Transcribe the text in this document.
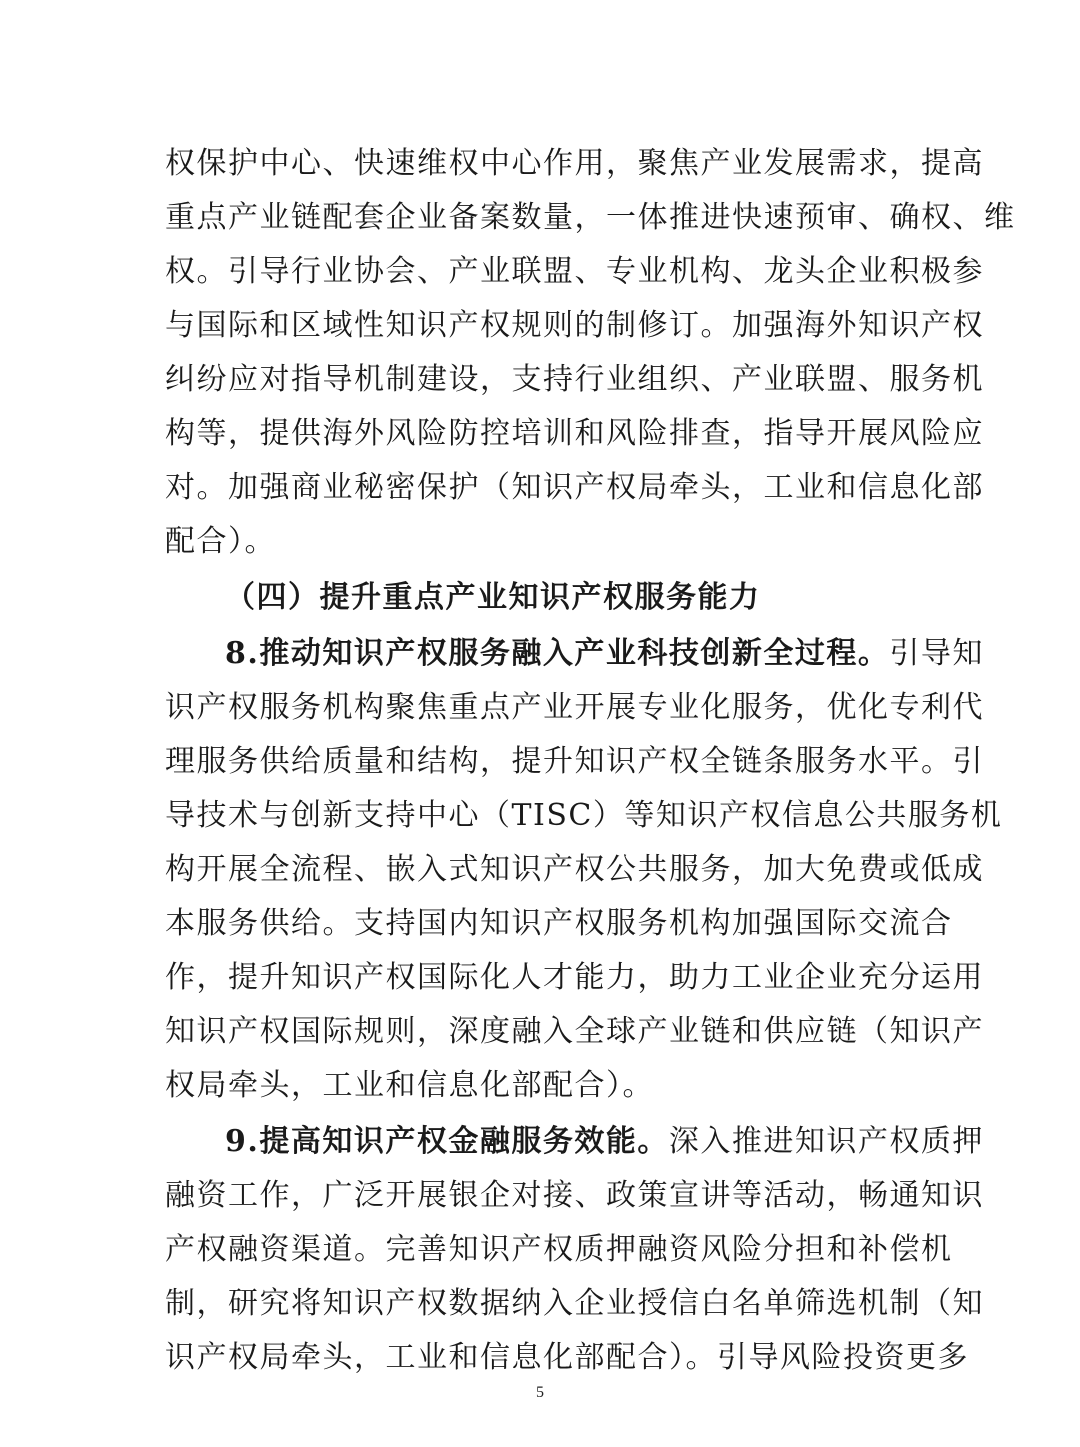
权保护中心、快速维权中心作用，聚焦产业发展需求，提高
重点产业链配套企业备案数量，一体推进快速预审、确权、维
权。引导行业协会、产业联盟、专业机构、龙头企业积极参
与国际和区域性知识产权规则的制修订。加强海外知识产权
纠纷应对指导机制建设，支持行业组织、产业联盟、服务机
构等，提供海外风险防控培训和风险排查，指导开展风险应
对。加强商业秘密保护（知识产权局牵头，工业和信息化部
配合）。
（四）提升重点产业知识产权服务能力
8.推动知识产权服务融入产业科技创新全过程。引导知
识产权服务机构聚焦重点产业开展专业化服务，优化专利代
理服务供给质量和结构，提升知识产权全链条服务水平。引
导技术与创新支持中心（TISC）等知识产权信息公共服务机
构开展全流程、嵌入式知识产权公共服务，加大免费或低成
本服务供给。支持国内知识产权服务机构加强国际交流合
作，提升知识产权国际化人才能力，助力工业企业充分运用
知识产权国际规则，深度融入全球产业链和供应链（知识产
权局牵头，工业和信息化部配合）。
9.提高知识产权金融服务效能。深入推进知识产权质押
融资工作，广泛开展银企对接、政策宣讲等活动，畅通知识
产权融资渠道。完善知识产权质押融资风险分担和补偿机
制，研究将知识产权数据纳入企业授信白名单筛选机制（知
识产权局牵头，工业和信息化部配合）。引导风险投资更多
5
